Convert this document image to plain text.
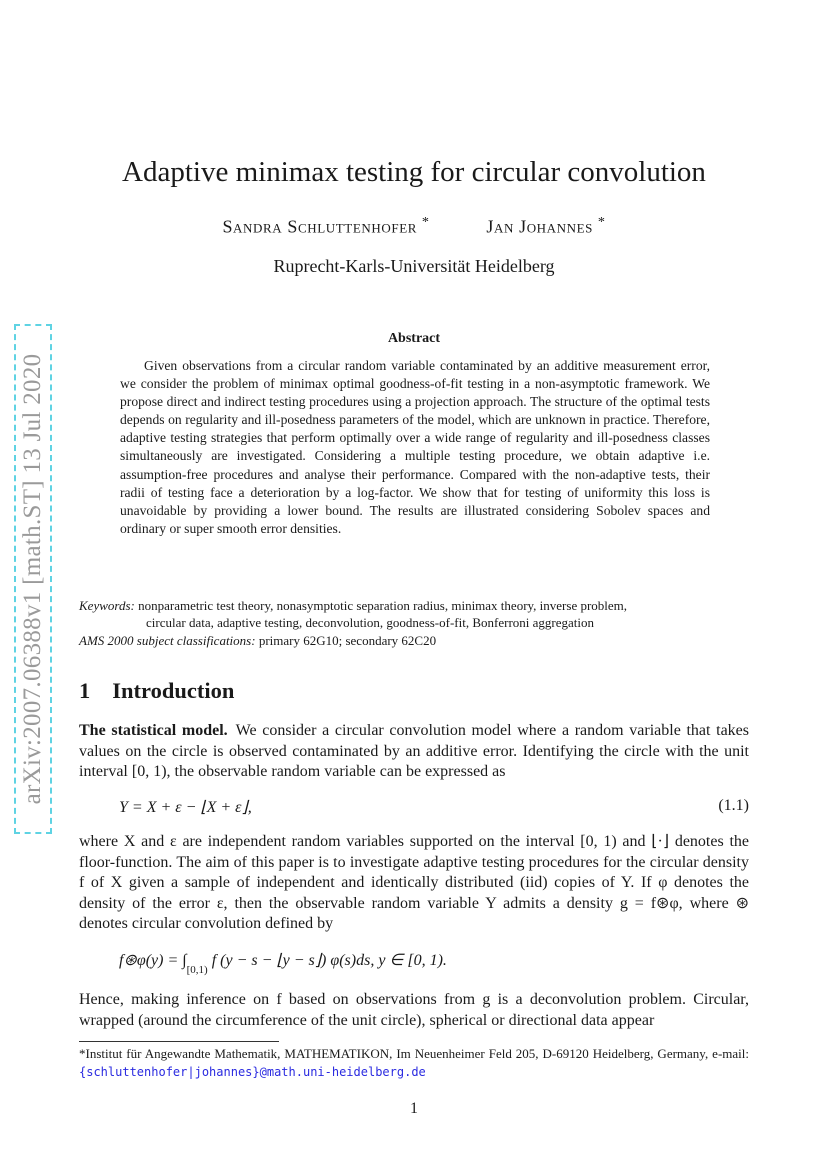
arXiv:2007.06388v1 [math.ST] 13 Jul 2020
Adaptive minimax testing for circular convolution
Sandra Schluttenhofer *	Jan Johannes *
Ruprecht-Karls-Universität Heidelberg
Abstract
Given observations from a circular random variable contaminated by an additive measurement error, we consider the problem of minimax optimal goodness-of-fit testing in a non-asymptotic framework. We propose direct and indirect testing procedures using a projection approach. The structure of the optimal tests depends on regularity and ill-posedness parameters of the model, which are unknown in practice. Therefore, adaptive testing strategies that perform optimally over a wide range of regularity and ill-posedness classes simultaneously are investigated. Considering a multiple testing procedure, we obtain adaptive i.e. assumption-free procedures and analyse their performance. Compared with the non-adaptive tests, their radii of testing face a deterioration by a log-factor. We show that for testing of uniformity this loss is unavoidable by providing a lower bound. The results are illustrated considering Sobolev spaces and ordinary or super smooth error densities.
Keywords: nonparametric test theory, nonasymptotic separation radius, minimax theory, inverse problem,
circular data, adaptive testing, deconvolution, goodness-of-fit, Bonferroni aggregation
AMS 2000 subject classifications: primary 62G10; secondary 62C20
1 Introduction
The statistical model. We consider a circular convolution model where a random variable that takes values on the circle is observed contaminated by an additive error. Identifying the circle with the unit interval [0, 1), the observable random variable can be expressed as
Y = X + ε − ⌊X + ε⌋,	(1.1)
where X and ε are independent random variables supported on the interval [0, 1) and ⌊·⌋ denotes the floor-function. The aim of this paper is to investigate adaptive testing procedures for the circular density f of X given a sample of independent and identically distributed (iid) copies of Y. If φ denotes the density of the error ε, then the observable random variable Y admits a density g = f⊛φ, where ⊛ denotes circular convolution defined by
f⊛φ(y) = $\int_{[0,1)}$ f (y − s − ⌊y − s⌋) φ(s)ds, y ∈ [0, 1).
Hence, making inference on f based on observations from g is a deconvolution problem. Circular, wrapped (around the circumference of the unit circle), spherical or directional data appear
*Institut für Angewandte Mathematik, MATHEMATIKON, Im Neuenheimer Feld 205, D-69120 Heidelberg, Germany, e-mail: {schluttenhofer|johannes}@math.uni-heidelberg.de
1
